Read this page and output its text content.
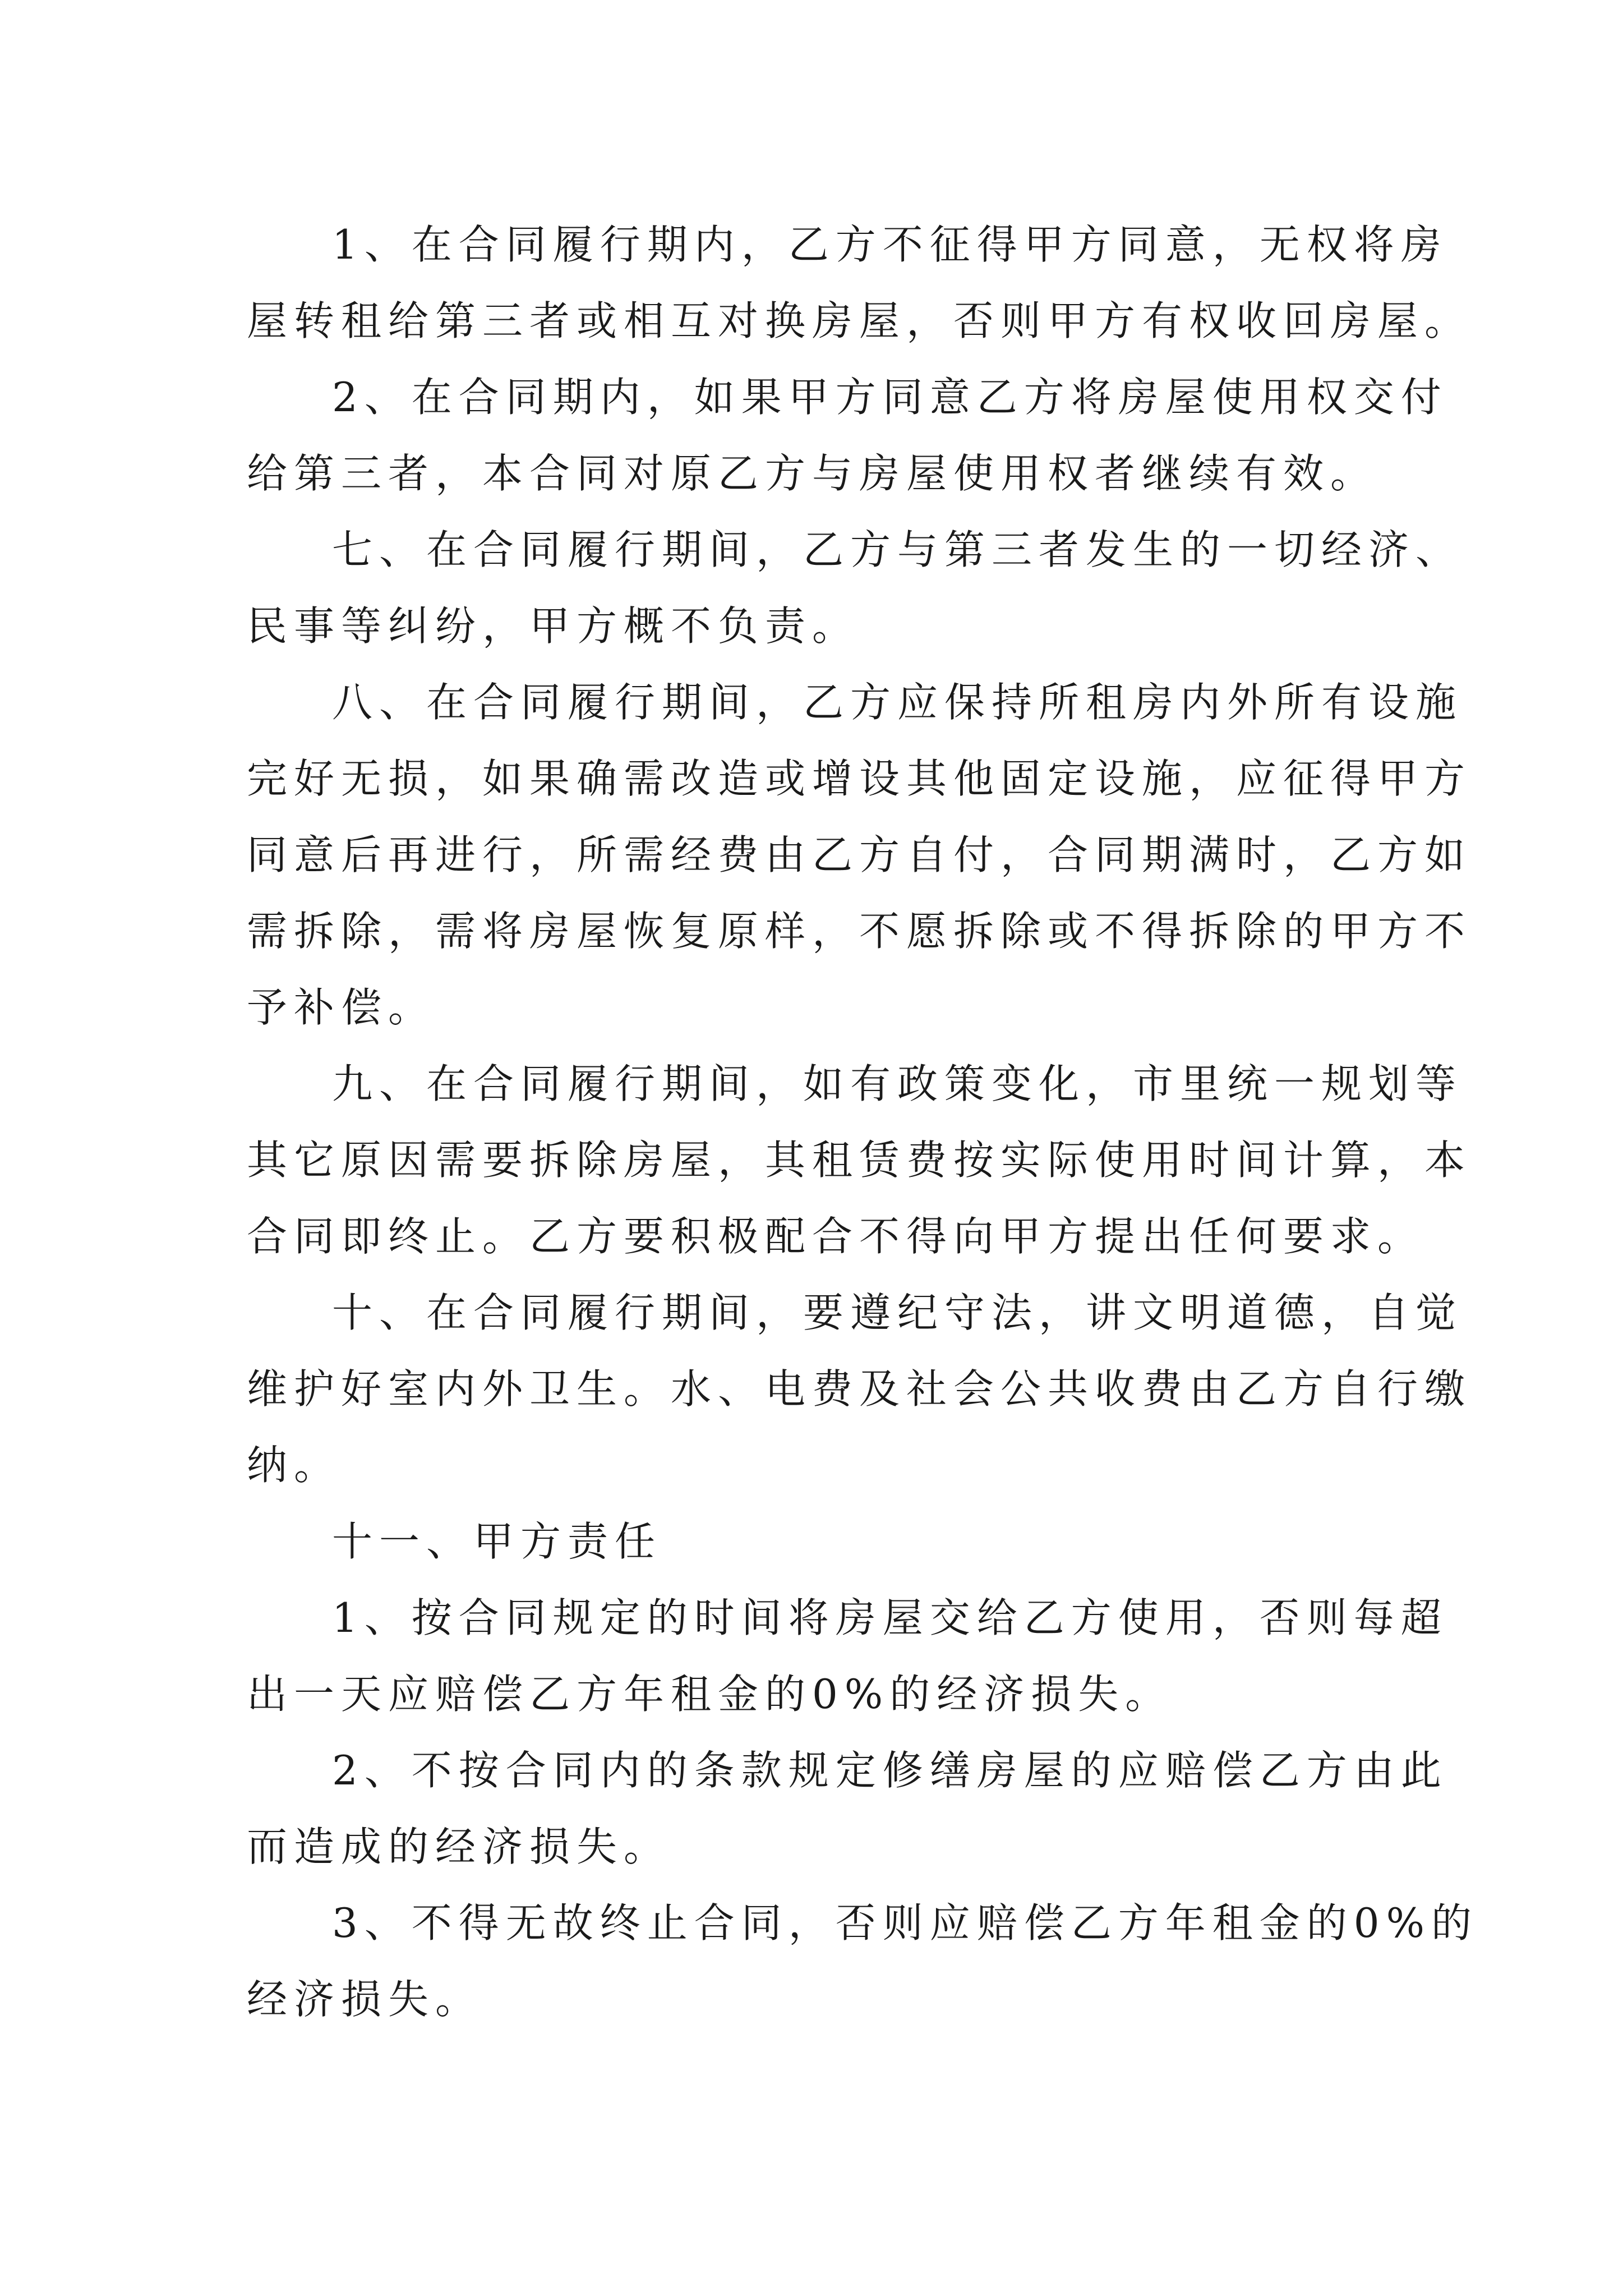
1、在合同履行期内，乙方不征得甲方同意，无权将房
屋转租给第三者或相互对换房屋，否则甲方有权收回房屋。

2、在合同期内，如果甲方同意乙方将房屋使用权交付
给第三者，本合同对原乙方与房屋使用权者继续有效。

七、在合同履行期间，乙方与第三者发生的一切经济、
民事等纠纷，甲方概不负责。

八、在合同履行期间，乙方应保持所租房内外所有设施
完好无损，如果确需改造或增设其他固定设施，应征得甲方
同意后再进行，所需经费由乙方自付，合同期满时，乙方如
需拆除，需将房屋恢复原样，不愿拆除或不得拆除的甲方不
予补偿。

九、在合同履行期间，如有政策变化，市里统一规划等
其它原因需要拆除房屋，其租赁费按实际使用时间计算，本
合同即终止。乙方要积极配合不得向甲方提出任何要求。

十、在合同履行期间，要遵纪守法，讲文明道德，自觉
维护好室内外卫生。水、电费及社会公共收费由乙方自行缴
纳。

十一、甲方责任

1、按合同规定的时间将房屋交给乙方使用，否则每超
出一天应赔偿乙方年租金的0%的经济损失。

2、不按合同内的条款规定修缮房屋的应赔偿乙方由此
而造成的经济损失。

3、不得无故终止合同，否则应赔偿乙方年租金的0%的
经济损失。
